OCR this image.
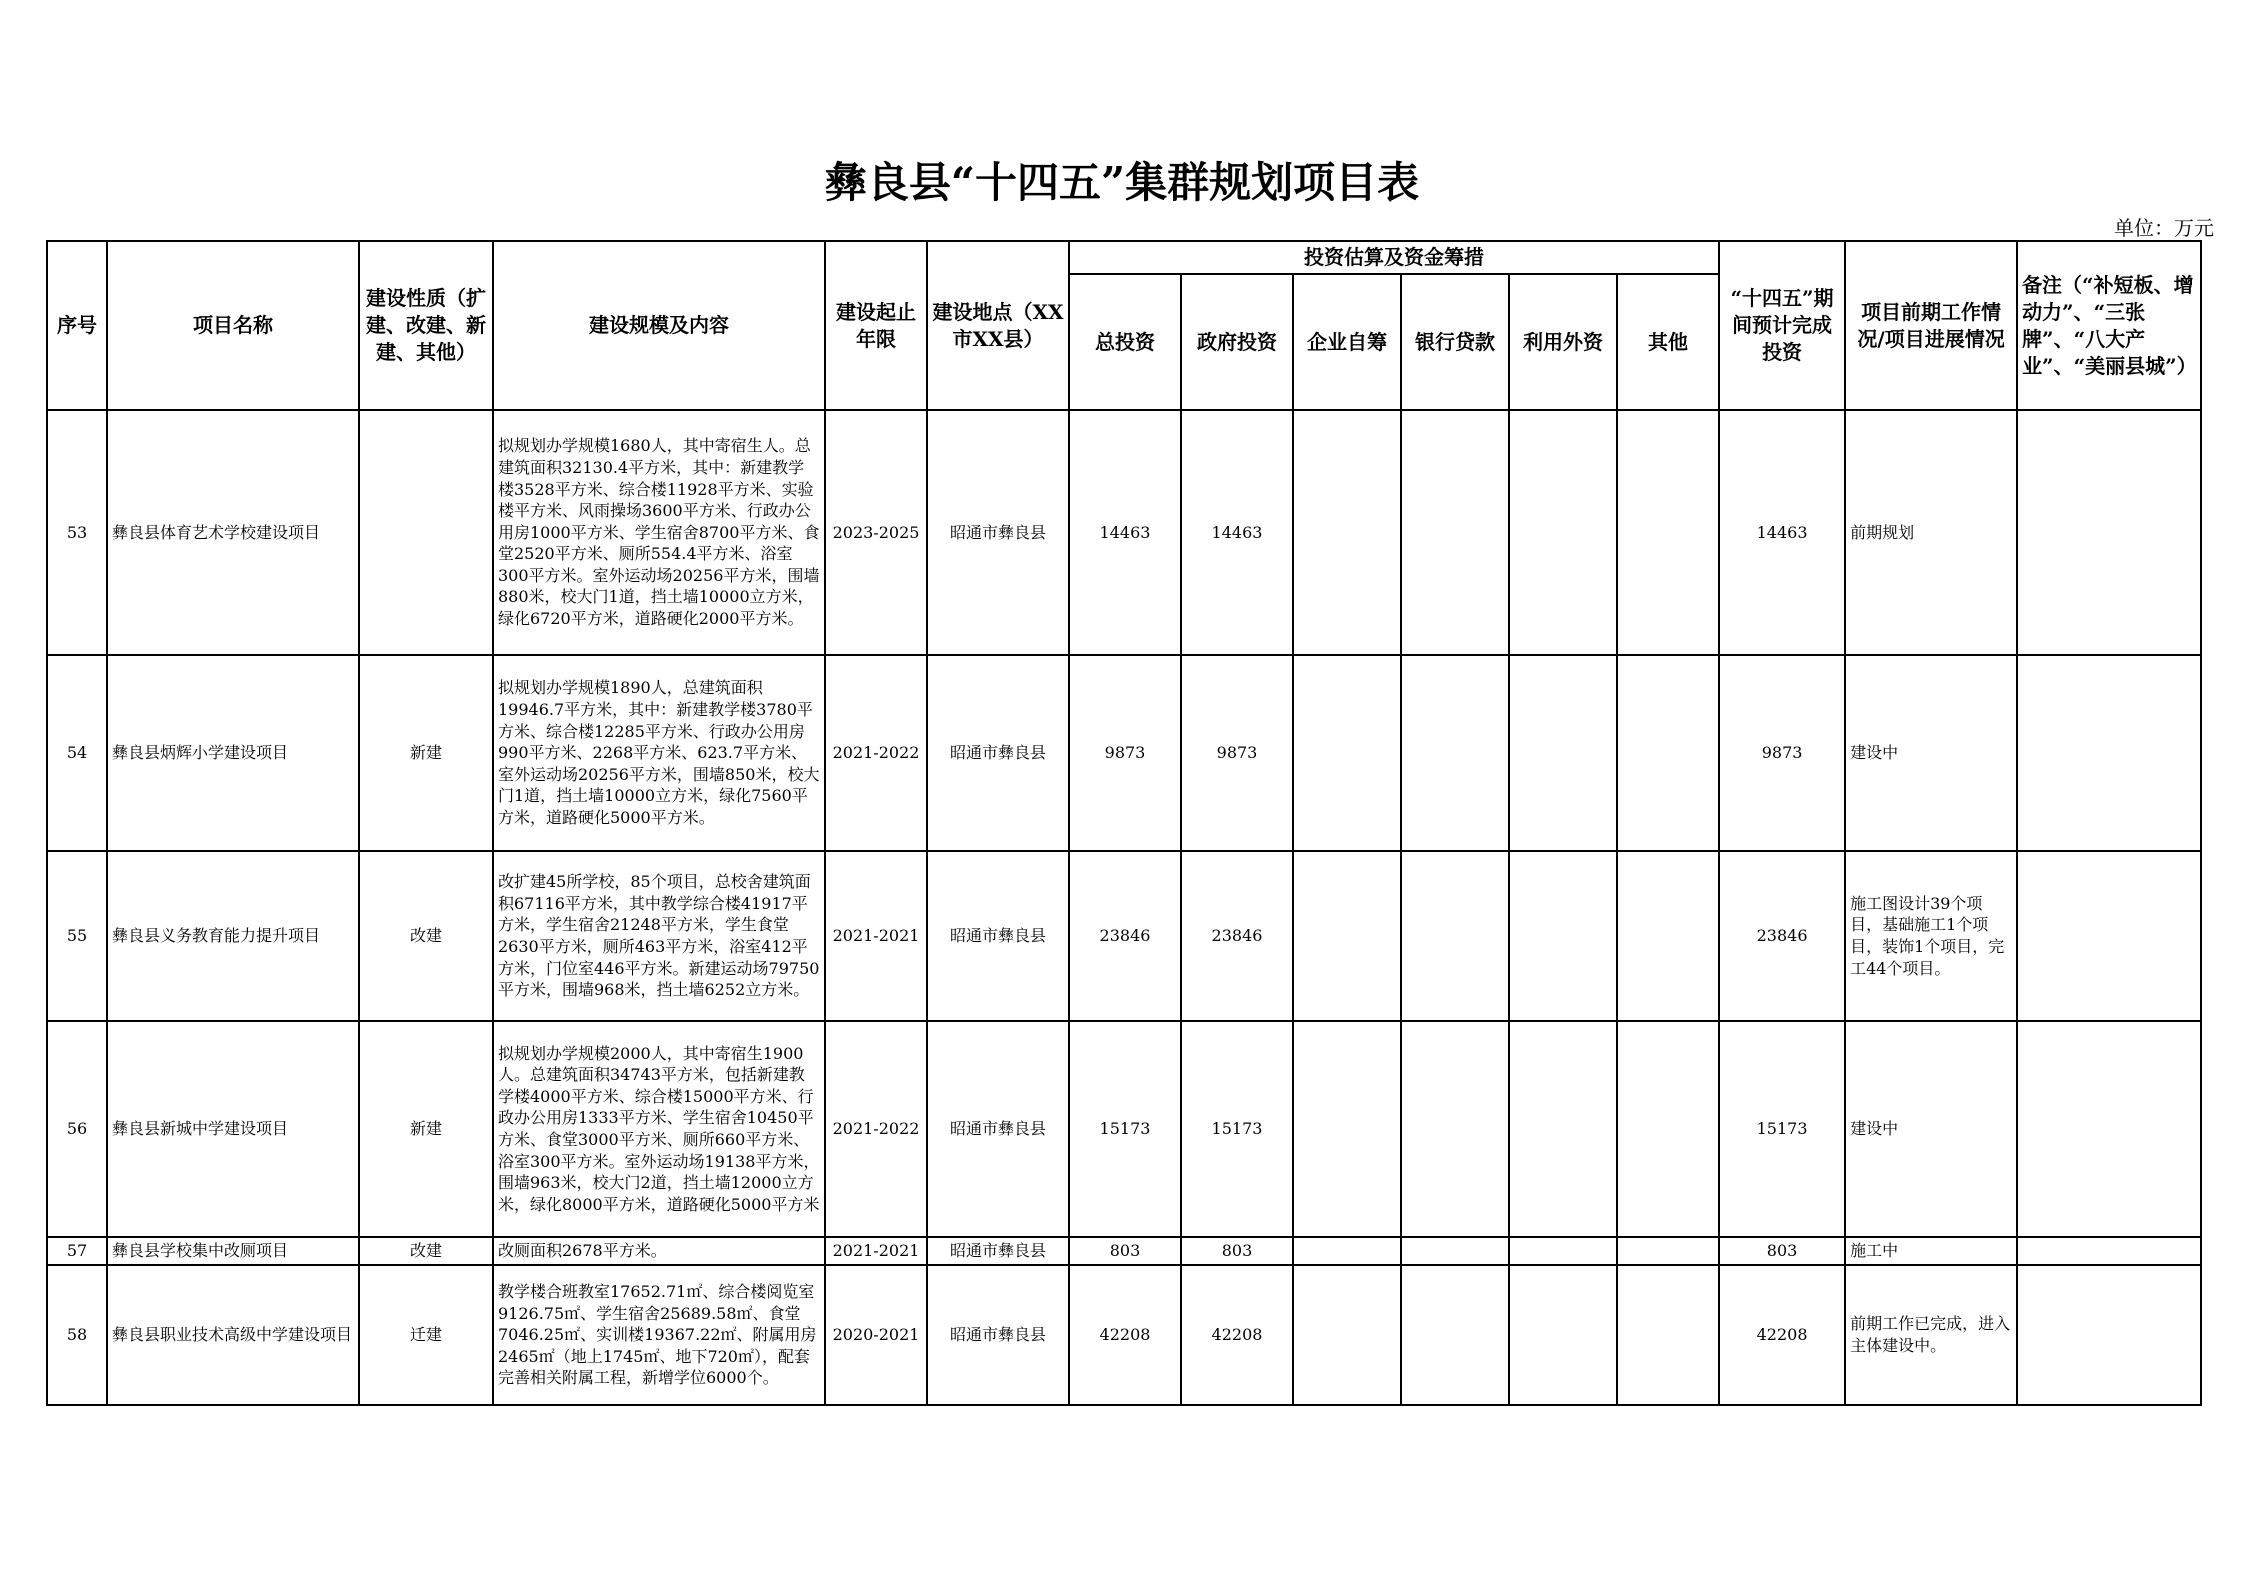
彝良县“十四五”集群规划项目表
单位：万元
序号	项目名称	建设性质（扩建、改建、新建、其他）	建设规模及内容	建设起止年限	建设地点（XX市XX县）	投资估算及资金筹措						“十四五”期间预计完成投资	项目前期工作情况/项目进展情况	备注（“补短板、增动力”、“三张牌”、“八大产业”、“美丽县城”）
						总投资	政府投资	企业自筹	银行贷款	利用外资	其他			
53	彝良县体育艺术学校建设项目		拟规划办学规模1680人，其中寄宿生人。总建筑面积32130.4平方米，其中：新建教学楼3528平方米、综合楼11928平方米、实验楼平方米、风雨操场3600平方米、行政办公用房1000平方米、学生宿舍8700平方米、食堂2520平方米、厕所554.4平方米、浴室300平方米。室外运动场20256平方米，围墙880米，校大门1道，挡土墙10000立方米，绿化6720平方米，道路硬化2000平方米。	2023-2025	昭通市彝良县	14463	14463					14463	前期规划	
54	彝良县炳辉小学建设项目	新建	拟规划办学规模1890人，总建筑面积19946.7平方米，其中：新建教学楼3780平方米、综合楼12285平方米、行政办公用房990平方米、2268平方米、623.7平方米、室外运动场20256平方米，围墙850米，校大门1道，挡土墙10000立方米，绿化7560平方米，道路硬化5000平方米。	2021-2022	昭通市彝良县	9873	9873					9873	建设中	
55	彝良县义务教育能力提升项目	改建	改扩建45所学校，85个项目，总校舍建筑面积67116平方米，其中教学综合楼41917平方米，学生宿舍21248平方米，学生食堂2630平方米，厕所463平方米，浴室412平方米，门位室446平方米。新建运动场79750平方米，围墙968米，挡土墙6252立方米。	2021-2021	昭通市彝良县	23846	23846					23846	施工图设计39个项目，基础施工1个项目，装饰1个项目，完工44个项目。	
56	彝良县新城中学建设项目	新建	拟规划办学规模2000人，其中寄宿生1900人。总建筑面积34743平方米，包括新建教学楼4000平方米、综合楼15000平方米、行政办公用房1333平方米、学生宿舍10450平方米、食堂3000平方米、厕所660平方米、浴室300平方米。室外运动场19138平方米，围墙963米，校大门2道，挡土墙12000立方米，绿化8000平方米，道路硬化5000平方米	2021-2022	昭通市彝良县	15173	15173					15173	建设中	
57	彝良县学校集中改厕项目	改建	改厕面积2678平方米。	2021-2021	昭通市彝良县	803	803					803	施工中	
58	彝良县职业技术高级中学建设项目	迁建	教学楼合班教室17652.71㎡、综合楼阅览室9126.75㎡、学生宿舍25689.58㎡、食堂7046.25㎡、实训楼19367.22㎡、附属用房2465㎡（地上1745㎡、地下720㎡），配套完善相关附属工程，新增学位6000个。	2020-2021	昭通市彝良县	42208	42208					42208	前期工作已完成，进入主体建设中。	
